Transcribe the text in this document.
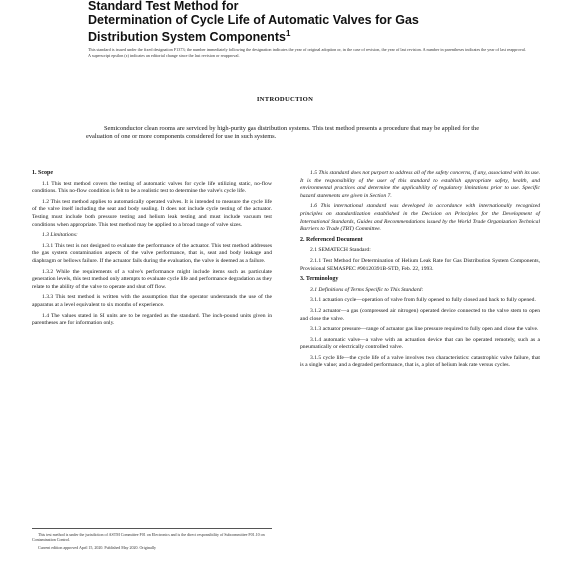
Standard Test Method for

Determination of Cycle Life of Automatic Valves for Gas

Distribution System Components$^1$

This standard is issued under the fixed designation F1373; the number immediately following the designation indicates the year of original adoption or, in the case of revision, the year of last revision. A number in parentheses indicates the year of last reapproval. A superscript epsilon (ε) indicates an editorial change since the last revision or reapproval.

INTRODUCTION

Semiconductor clean rooms are serviced by high-purity gas distribution systems. This test method presents a procedure that may be applied for the evaluation of one or more components considered for use in such systems.

1. Scope

1.1 This test method covers the testing of automatic valves for cycle life utilizing static, no-flow conditions. This no-flow condition is felt to be a realistic test to determine the valve's cycle life.

1.2 This test method applies to automatically operated valves. It is intended to measure the cycle life of the valve itself including the seat and body sealing. It does not include cycle testing of the actuator. Testing must include both pressure testing and helium leak testing and must include vacuum test conditions when appropriate. This test method may be applied to a broad range of valve sizes.

1.3 Limitations:

1.3.1 This test is not designed to evaluate the performance of the actuator. This test method addresses the gas system contamination aspects of the valve performance, that is, seat and body leakage and diaphragm or bellows failure. If the actuator fails during the evaluation, the valve is deemed as a failure.

1.3.2 While the requirements of a valve's performance might include items such as particulate generation levels, this test method only attempts to evaluate cycle life and performance degradation as they relate to the ability of the valve to operate and shut off flow.

1.3.3 This test method is written with the assumption that the operator understands the use of the apparatus at a level equivalent to six months of experience.

1.4 The values stated in SI units are to be regarded as the standard. The inch-pound units given in parentheses are for information only.

1.5 This standard does not purport to address all of the safety concerns, if any, associated with its use. It is the responsibility of the user of this standard to establish appropriate safety, health, and environmental practices and determine the applicability of regulatory limitations prior to use. Specific hazard statements are given in Section 7.

1.6 This international standard was developed in accordance with internationally recognized principles on standardization established in the Decision on Principles for the Development of International Standards, Guides and Recommendations issued by the World Trade Organization Technical Barriers to Trade (TBT) Committee.

2. Referenced Document

2.1 SEMATECH Standard:

2.1.1 Test Method for Determination of Helium Leak Rate for Gas Distribution System Components, Provisional SEMASPEC #90120391B-STD, Feb. 22, 1993.

3. Terminology

3.1 Definitions of Terms Specific to This Standard:

3.1.1 actuation cycle—operation of valve from fully opened to fully closed and back to fully opened.

3.1.2 actuator—a gas (compressed air nitrogen) operated device connected to the valve stem to open and close the valve.

3.1.3 actuator pressure—range of actuator gas line pressure required to fully open and close the valve.

3.1.4 automatic valve—a valve with an actuation device that can be operated remotely, such as a pneumatically or electrically controlled valve.

3.1.5 cycle life—the cycle life of a valve involves two characteristics: catastrophic valve failure, that is a single value; and a degraded performance, that is, a plot of helium leak rate versus cycles.

This test method is under the jurisdiction of ASTM Committee F01 on Electronics and is the direct responsibility of Subcommittee F01.10 on Contamination Control.

Current edition approved April 15, 2020. Published May 2020. Originally
